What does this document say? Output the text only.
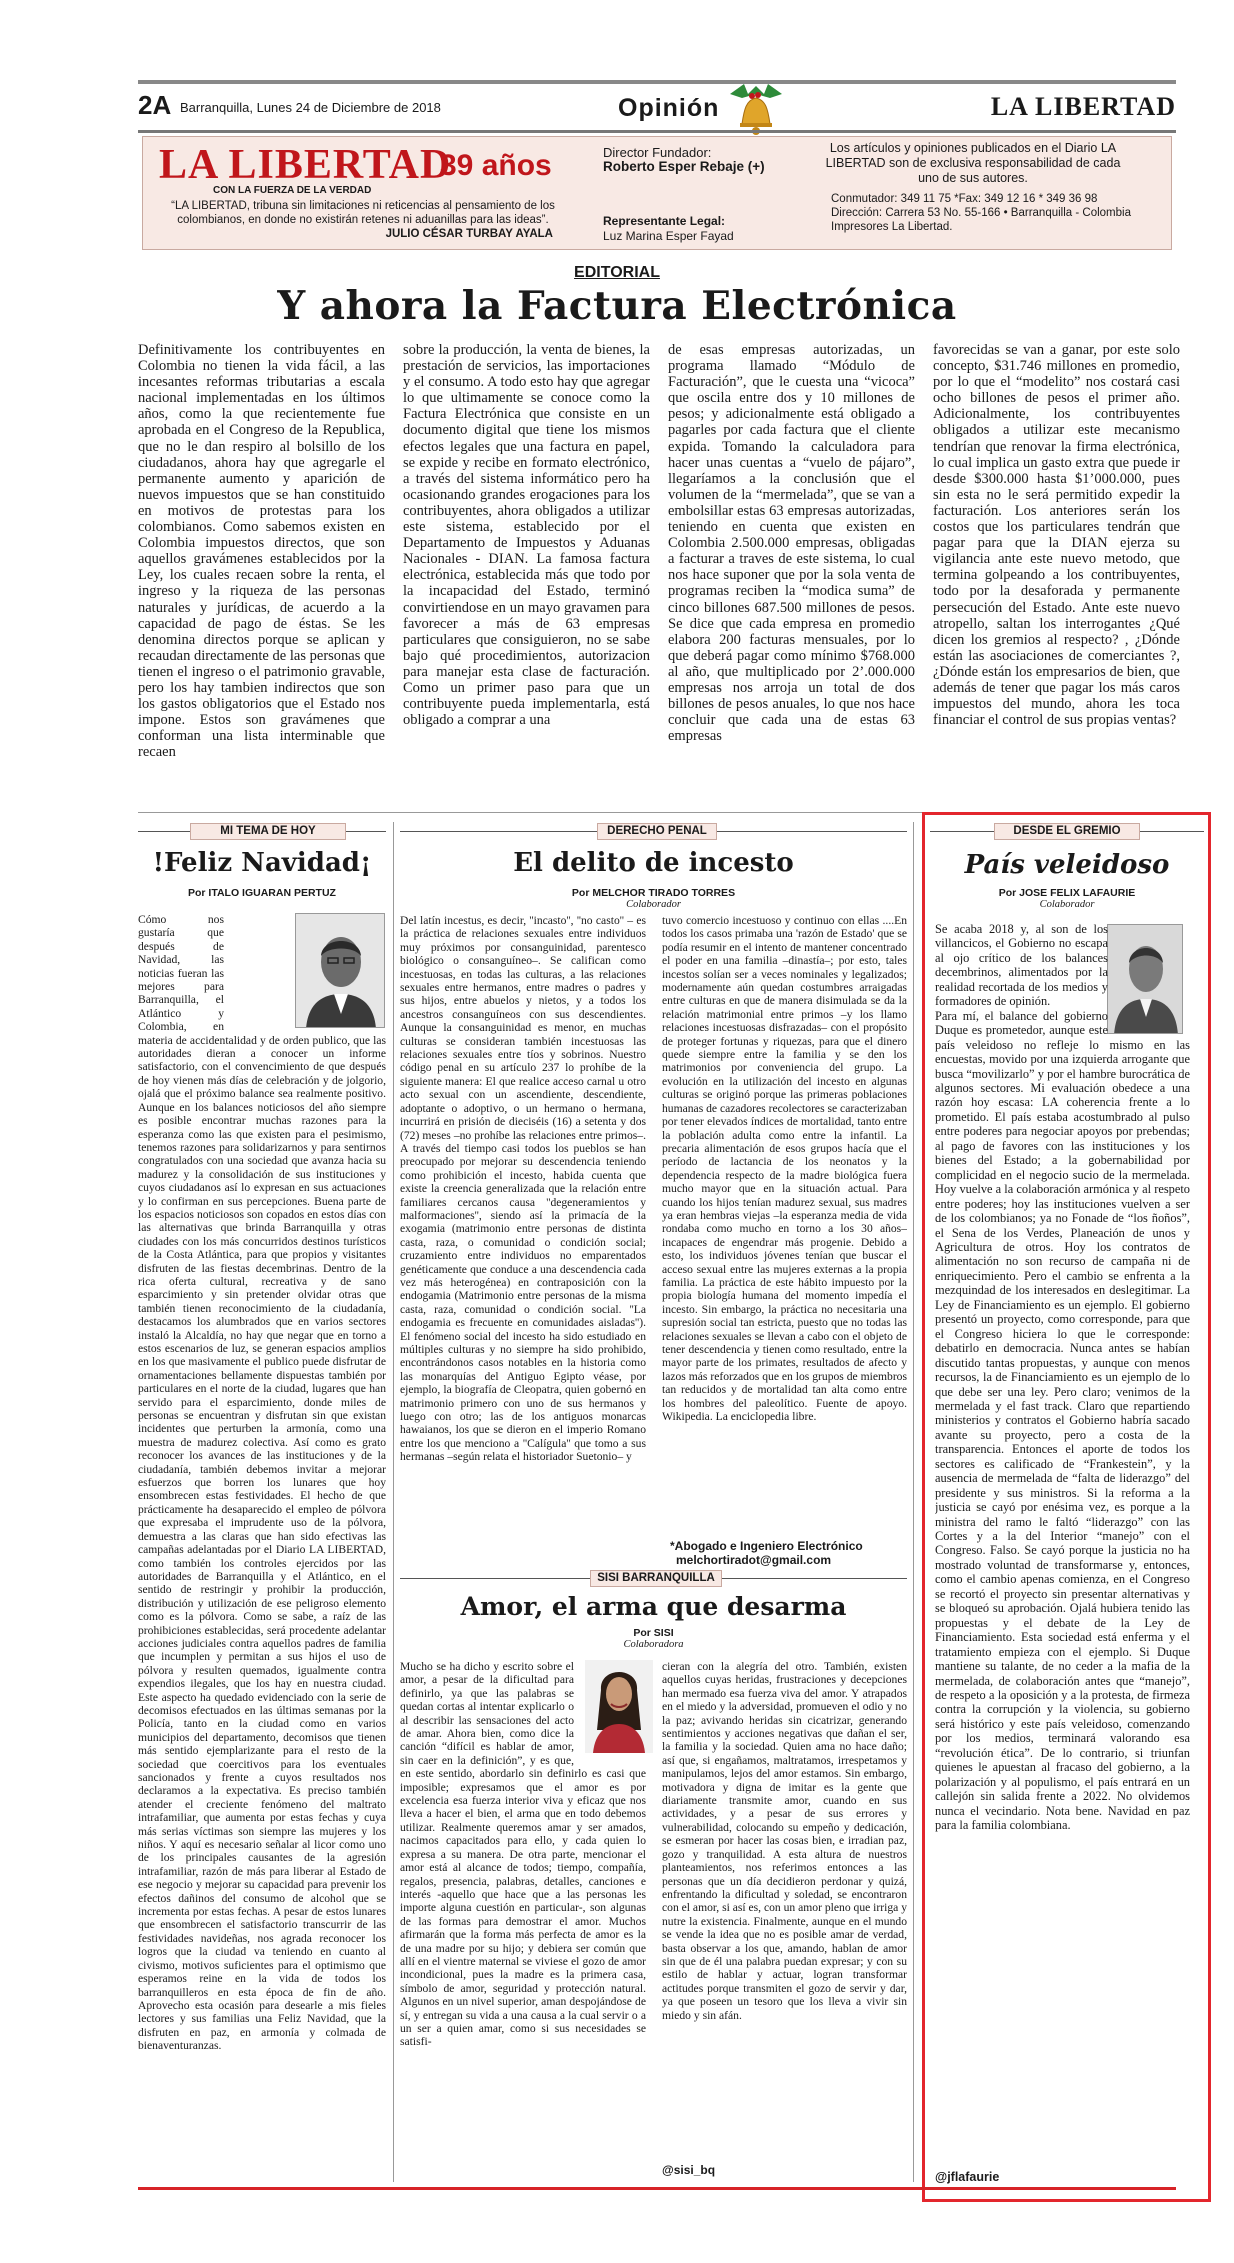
2A Barranquilla, Lunes 24 de Diciembre de 2018	Opinión	LA LIBERTAD
LA LIBERTAD
39 años
CON LA FUERZA DE LA VERDAD
“LA LIBERTAD, tribuna sin limitaciones ni reticencias al pensamiento de los colombianos, en donde no existirán retenes ni aduanillas para las ideas”.
JULIO CÉSAR TURBAY AYALA
Director Fundador:
Roberto Esper Rebaje (+)
Representante Legal:
Luz Marina Esper Fayad
Los artículos y opiniones publicados en el Diario LA LIBERTAD son de exclusiva responsabilidad de cada uno de sus autores.
Conmutador: 349 11 75 *Fax: 349 12 16 * 349 36 98
Dirección: Carrera 53 No. 55-166 • Barranquilla - Colombia
Impresores La Libertad.
EDITORIAL
Y ahora la Factura Electrónica
Definitivamente los contribuyentes en Colombia no tienen la vida fácil, a las incesantes reformas tributarias a escala nacional implementadas en los últimos años, como la que recientemente fue aprobada en el Congreso de la Republica, que no le dan respiro al bolsillo de los ciudadanos, ahora hay que agregarle el permanente aumento y aparición de nuevos impuestos que se han constituido en motivos de protestas para los colombianos. Como sabemos existen en Colombia impuestos directos, que son aquellos gravámenes establecidos por la Ley, los cuales recaen sobre la renta, el ingreso y la riqueza de las personas naturales y jurídicas, de acuerdo a la capacidad de pago de éstas. Se les denomina directos porque se aplican y recaudan directamente de las personas que tienen el ingreso o el patrimonio gravable, pero los hay tambien indirectos que son los gastos obligatorios que el Estado nos impone. Estos son gravámenes que conforman una lista interminable que recaen
sobre la producción, la venta de bienes, la prestación de servicios, las importaciones y el consumo. A todo esto hay que agregar lo que ultimamente se conoce como la Factura Electrónica que consiste en un documento digital que tiene los mismos efectos legales que una factura en papel, se expide y recibe en formato electrónico, a través del sistema informático pero ha ocasionando grandes erogaciones para los contribuyentes, ahora obligados a utilizar este sistema, establecido por el Departamento de Impuestos y Aduanas Nacionales - DIAN. La famosa factura electrónica, establecida más que todo por la incapacidad del Estado, terminó convirtiendose en un mayo gravamen para favorecer a más de 63 empresas particulares que consiguieron, no se sabe bajo qué procedimientos, autorizacion para manejar esta clase de facturación. Como un primer paso para que un contribuyente pueda implementarla, está obligado a comprar a una
de esas empresas autorizadas, un programa llamado “Módulo de Facturación”, que le cuesta una “vicoca” que oscila entre dos y 10 millones de pesos; y adicionalmente está obligado a pagarles por cada factura que el cliente expida. Tomando la calculadora para hacer unas cuentas a “vuelo de pájaro”, llegaríamos a la conclusión que el volumen de la “mermelada”, que se van a embolsillar estas 63 empresas autorizadas, teniendo en cuenta que existen en Colombia 2.500.000 empresas, obligadas a facturar a traves de este sistema, lo cual nos hace suponer que por la sola venta de programas reciben la “modica suma” de cinco billones 687.500 millones de pesos. Se dice que cada empresa en promedio elabora 200 facturas mensuales, por lo que deberá pagar como mínimo $768.000 al año, que multiplicado por 2’.000.000 empresas nos arroja un total de dos billones de pesos anuales, lo que nos hace concluir que cada una de estas 63 empresas
favorecidas se van a ganar, por este solo concepto, $31.746 millones en promedio, por lo que el “modelito” nos costará casi ocho billones de pesos el primer año. Adicionalmente, los contribuyentes obligados a utilizar este mecanismo tendrían que renovar la firma electrónica, lo cual implica un gasto extra que puede ir desde $300.000 hasta $1’000.000, pues sin esta no le será permitido expedir la facturación. Los anteriores serán los costos que los particulares tendrán que pagar para que la DIAN ejerza su vigilancia ante este nuevo metodo, que termina golpeando a los contribuyentes, todo por la desaforada y permanente persecución del Estado. Ante este nuevo atropello, saltan los interrogantes ¿Qué dicen los gremios al respecto? , ¿Dónde están las asociaciones de comerciantes ?, ¿Dónde están los empresarios de bien, que además de tener que pagar los más caros impuestos del mundo, ahora les toca financiar el control de sus propias ventas?
MI TEMA DE HOY
!Feliz Navidad¡
Por ITALO IGUARAN PERTUZ
Cómo nos gustaría que después de Navidad, las noticias fueran las mejores para Barranquilla, el Atlántico y Colombia, en materia de accidentalidad y de orden publico, que las autoridades dieran a conocer un informe satisfactorio, con el convencimiento de que después de hoy vienen más días de celebración y de jolgorio, ojalá que el próximo balance sea realmente positivo. Aunque en los balances noticiosos del año siempre es posible encontrar muchas razones para la esperanza como las que existen para el pesimismo, tenemos razones para solidarizarnos y para sentirnos congratulados con una sociedad que avanza hacia su madurez y la consolidación de sus instituciones y cuyos ciudadanos así lo expresan en sus actuaciones y lo confirman en sus percepciones. Buena parte de los espacios noticiosos son copados en estos días con las alternativas que brinda Barranquilla y otras ciudades con los más concurridos destinos turísticos de la Costa Atlántica, para que propios y visitantes disfruten de las fiestas decembrinas. Dentro de la rica oferta cultural, recreativa y de sano esparcimiento y sin pretender olvidar otras que también tienen reconocimiento de la ciudadanía, destacamos los alumbrados que en varios sectores instaló la Alcaldía, no hay que negar que en torno a estos escenarios de luz, se generan espacios amplios en los que masivamente el publico puede disfrutar de ornamentaciones bellamente dispuestas también por particulares en el norte de la ciudad, lugares que han servido para el esparcimiento, donde miles de personas se encuentran y disfrutan sin que existan incidentes que perturben la armonía, como una muestra de madurez colectiva. Así como es grato reconocer los avances de las instituciones y de la ciudadanía, también debemos invitar a mejorar esfuerzos que borren los lunares que hoy ensombrecen estas festividades. El hecho de que prácticamente ha desaparecido el empleo de pólvora que expresaba el imprudente uso de la pólvora, demuestra a las claras que han sido efectivas las campañas adelantadas por el Diario LA LIBERTAD, como también los controles ejercidos por las autoridades de Barranquilla y el Atlántico, en el sentido de restringir y prohibir la producción, distribución y utilización de ese peligroso elemento como es la pólvora. Como se sabe, a raíz de las prohibiciones establecidas, será procedente adelantar acciones judiciales contra aquellos padres de familia que incumplen y permitan a sus hijos el uso de pólvora y resulten quemados, igualmente contra expendios ilegales, que los hay en nuestra ciudad. Este aspecto ha quedado evidenciado con la serie de decomisos efectuados en las últimas semanas por la Policía, tanto en la ciudad como en varios municipios del departamento, decomisos que tienen más sentido ejemplarizante para el resto de la sociedad que coercitivos para los eventuales sancionados y frente a cuyos resultados nos declaramos a la expectativa. Es preciso también atender el creciente fenómeno del maltrato intrafamiliar, que aumenta por estas fechas y cuya más serias víctimas son siempre las mujeres y los niños. Y aquí es necesario señalar al licor como uno de los principales causantes de la agresión intrafamiliar, razón de más para liberar al Estado de ese negocio y mejorar su capacidad para prevenir los efectos dañinos del consumo de alcohol que se incrementa por estas fechas. A pesar de estos lunares que ensombrecen el satisfactorio transcurrir de las festividades navideñas, nos agrada reconocer los logros que la ciudad va teniendo en cuanto al civismo, motivos suficientes para el optimismo que esperamos reine en la vida de todos los barranquilleros en esta época de fin de año. Aprovecho esta ocasión para desearle a mis fieles lectores y sus familias una Feliz Navidad, que la disfruten en paz, en armonía y colmada de bienaventuranzas.
DERECHO PENAL
El delito de incesto
Por MELCHOR TIRADO TORRES
Colaborador
Del latín incestus, es decir, ''incasto'', ''no casto'' – es la práctica de relaciones sexuales entre individuos muy próximos por consanguinidad, parentesco biológico o consanguíneo–. Se califican como incestuosas, en todas las culturas, a las relaciones sexuales entre hermanos, entre madres o padres y sus hijos, entre abuelos y nietos, y a todos los ancestros consanguíneos con sus descendientes. Aunque la consanguinidad es menor, en muchas culturas se consideran también incestuosas las relaciones sexuales entre tíos y sobrinos. Nuestro código penal en su artículo 237 lo prohíbe de la siguiente manera: El que realice acceso carnal u otro acto sexual con un ascendiente, descendiente, adoptante o adoptivo, o un hermano o hermana, incurrirá en prisión de dieciséis (16) a setenta y dos (72) meses –no prohíbe las relaciones entre primos–. A través del tiempo casi todos los pueblos se han preocupado por mejorar su descendencia teniendo como prohibición el incesto, habida cuenta que existe la creencia generalizada que la relación entre familiares cercanos causa ''degeneramientos y malformaciones'', siendo así la primacía de la exogamia (matrimonio entre personas de distinta casta, raza, o comunidad o condición social; cruzamiento entre individuos no emparentados genéticamente que conduce a una descendencia cada vez más heterogénea) en contraposición con la endogamia (Matrimonio entre personas de la misma casta, raza, comunidad o condición social. ''La endogamia es frecuente en comunidades aisladas''). El fenómeno social del incesto ha sido estudiado en múltiples culturas y no siempre ha sido prohibido, encontrándonos casos notables en la historia como las monarquías del Antiguo Egipto véase, por ejemplo, la biografía de Cleopatra, quien gobernó en matrimonio primero con uno de sus hermanos y luego con otro; las de los antiguos monarcas hawaianos, los que se dieron en el imperio Romano entre los que menciono a ''Calígula'' que tomo a sus hermanas –según relata el historiador Suetonio– y
tuvo comercio incestuoso y continuo con ellas ....En todos los casos primaba una 'razón de Estado' que se podía resumir en el intento de mantener concentrado el poder en una familia –dinastía–; por esto, tales incestos solían ser a veces nominales y legalizados; modernamente aún quedan costumbres arraigadas entre culturas en que de manera disimulada se da la relación matrimonial entre primos –y los llamo relaciones incestuosas disfrazadas– con el propósito de proteger fortunas y riquezas, para que el dinero quede siempre entre la familia y se den los matrimonios por conveniencia del grupo. La evolución en la utilización del incesto en algunas culturas se originó porque las primeras poblaciones humanas de cazadores recolectores se caracterizaban por tener elevados índices de mortalidad, tanto entre la población adulta como entre la infantil. La precaria alimentación de esos grupos hacía que el período de lactancia de los neonatos y la dependencia respecto de la madre biológica fuera mucho mayor que en la situación actual. Para cuando los hijos tenían madurez sexual, sus madres ya eran hembras viejas –la esperanza media de vida rondaba como mucho en torno a los 30 años– incapaces de engendrar más progenie. Debido a esto, los individuos jóvenes tenían que buscar el acceso sexual entre las mujeres externas a la propia familia. La práctica de este hábito impuesto por la propia biología humana del momento impedía el incesto. Sin embargo, la práctica no necesitaria una supresión social tan estricta, puesto que no todas las relaciones sexuales se llevan a cabo con el objeto de tener descendencia y tienen como resultado, entre la mayor parte de los primates, resultados de afecto y lazos más reforzados que en los grupos de miembros tan reducidos y de mortalidad tan alta como entre los hombres del paleolítico. Fuente de apoyo. Wikipedia. La enciclopedia libre.
*Abogado e Ingeniero Electrónico
melchortiradot@gmail.com
SISI BARRANQUILLA
Amor, el arma que desarma
Por SISI
Colaboradora
Mucho se ha dicho y escrito sobre el amor, a pesar de la dificultad para definirlo, ya que las palabras se quedan cortas al intentar explicarlo o al describir las sensaciones del acto de amar. Ahora bien, como dice la canción “difícil es hablar de amor, sin caer en la definición”, y es que, en este sentido, abordarlo sin definirlo es casi que imposible; expresamos que el amor es por excelencia esa fuerza interior viva y eficaz que nos lleva a hacer el bien, el arma que en todo debemos utilizar. Realmente queremos amar y ser amados, nacimos capacitados para ello, y cada quien lo expresa a su manera. De otra parte, mencionar el amor está al alcance de todos; tiempo, compañía, regalos, presencia, palabras, detalles, canciones e interés -aquello que hace que a las personas les importe alguna cuestión en particular-, son algunas de las formas para demostrar el amor. Muchos afirmarán que la forma más perfecta de amor es la de una madre por su hijo; y debiera ser común que allí en el vientre maternal se viviese el gozo de amor incondicional, pues la madre es la primera casa, símbolo de amor, seguridad y protección natural. Algunos en un nivel superior, aman despojándose de sí, y entregan su vida a una causa a la cual servir o a un ser a quien amar, como si sus necesidades se satisfi-
cieran con la alegría del otro. También, existen aquellos cuyas heridas, frustraciones y decepciones han mermado esa fuerza viva del amor. Y atrapados en el miedo y la adversidad, promueven el odio y no la paz; avivando heridas sin cicatrizar, generando sentimientos y acciones negativas que dañan el ser, la familia y la sociedad. Quien ama no hace daño; así que, si engañamos, maltratamos, irrespetamos y manipulamos, lejos del amor estamos. Sin embargo, motivadora y digna de imitar es la gente que diariamente transmite amor, cuando en sus actividades, y a pesar de sus errores y vulnerabilidad, colocando su empeño y dedicación, se esmeran por hacer las cosas bien, e irradian paz, gozo y tranquilidad. A esta altura de nuestros planteamientos, nos referimos entonces a las personas que un día decidieron perdonar y quizá, enfrentando la dificultad y soledad, se encontraron con el amor, si así es, con un amor pleno que irriga y nutre la existencia. Finalmente, aunque en el mundo se vende la idea que no es posible amar de verdad, basta observar a los que, amando, hablan de amor sin que de él una palabra puedan expresar; y con su estilo de hablar y actuar, logran transformar actitudes porque transmiten el gozo de servir y dar, ya que poseen un tesoro que los lleva a vivir sin miedo y sin afán.
@sisi_bq
DESDE EL GREMIO
País veleidoso
Por JOSE FELIX LAFAURIE
Colaborador

Se acaba 2018 y, al son de los villancicos, el Gobierno no escapa al ojo crítico de los balances decembrinos, alimentados por la realidad recortada de los medios y formadores de opinión.

Para mí, el balance del gobierno Duque es prometedor, aunque este país veleidoso no refleje lo mismo en las encuestas, movido por una izquierda arrogante que busca “movilizarlo” y por el hambre burocrática de algunos sectores. Mi evaluación obedece a una razón hoy escasa: LA coherencia frente a lo prometido. El país estaba acostumbrado al pulso entre poderes para negociar apoyos por prebendas; al pago de favores con las instituciones y los bienes del Estado; a la gobernabilidad por complicidad en el negocio sucio de la mermelada. Hoy vuelve a la colaboración armónica y al respeto entre poderes; hoy las instituciones vuelven a ser de los colombianos; ya no Fonade de “los ñoños”, el Sena de los Verdes, Planeación de unos y Agricultura de otros. Hoy los contratos de alimentación no son recurso de campaña ni de enriquecimiento. Pero el cambio se enfrenta a la mezquindad de los interesados en deslegitimar. La Ley de Financiamiento es un ejemplo. El gobierno presentó un proyecto, como corresponde, para que el Congreso hiciera lo que le corresponde: debatirlo en democracia. Nunca antes se habían discutido tantas propuestas, y aunque con menos recursos, la de Financiamiento es un ejemplo de lo que debe ser una ley. Pero claro; venimos de la mermelada y el fast track. Claro que repartiendo ministerios y contratos el Gobierno habría sacado avante su proyecto, pero a costa de la transparencia. Entonces el aporte de todos los sectores es calificado de “Frankestein”, y la ausencia de mermelada de “falta de liderazgo” del presidente y sus ministros. Si la reforma a la justicia se cayó por enésima vez, es porque a la ministra del ramo le faltó “liderazgo” con las Cortes y a la del Interior “manejo” con el Congreso. Falso. Se cayó porque la justicia no ha mostrado voluntad de transformarse y, entonces, como el cambio apenas comienza, en el Congreso se recortó el proyecto sin presentar alternativas y se bloqueó su aprobación. Ojalá hubiera tenido las propuestas y el debate de la Ley de Financiamiento. Esta sociedad está enferma y el tratamiento empieza con el ejemplo. Si Duque mantiene su talante, de no ceder a la mafia de la mermelada, de colaboración antes que “manejo”, de respeto a la oposición y a la protesta, de firmeza contra la corrupción y la violencia, su gobierno será histórico y este país veleidoso, comenzando por los medios, terminará valorando esa “revolución ética”. De lo contrario, si triunfan quienes le apuestan al fracaso del gobierno, a la polarización y al populismo, el país entrará en un callejón sin salida frente a 2022. No olvidemos nunca el vecindario. Nota bene. Navidad en paz para la familia colombiana.

@jflafaurie
